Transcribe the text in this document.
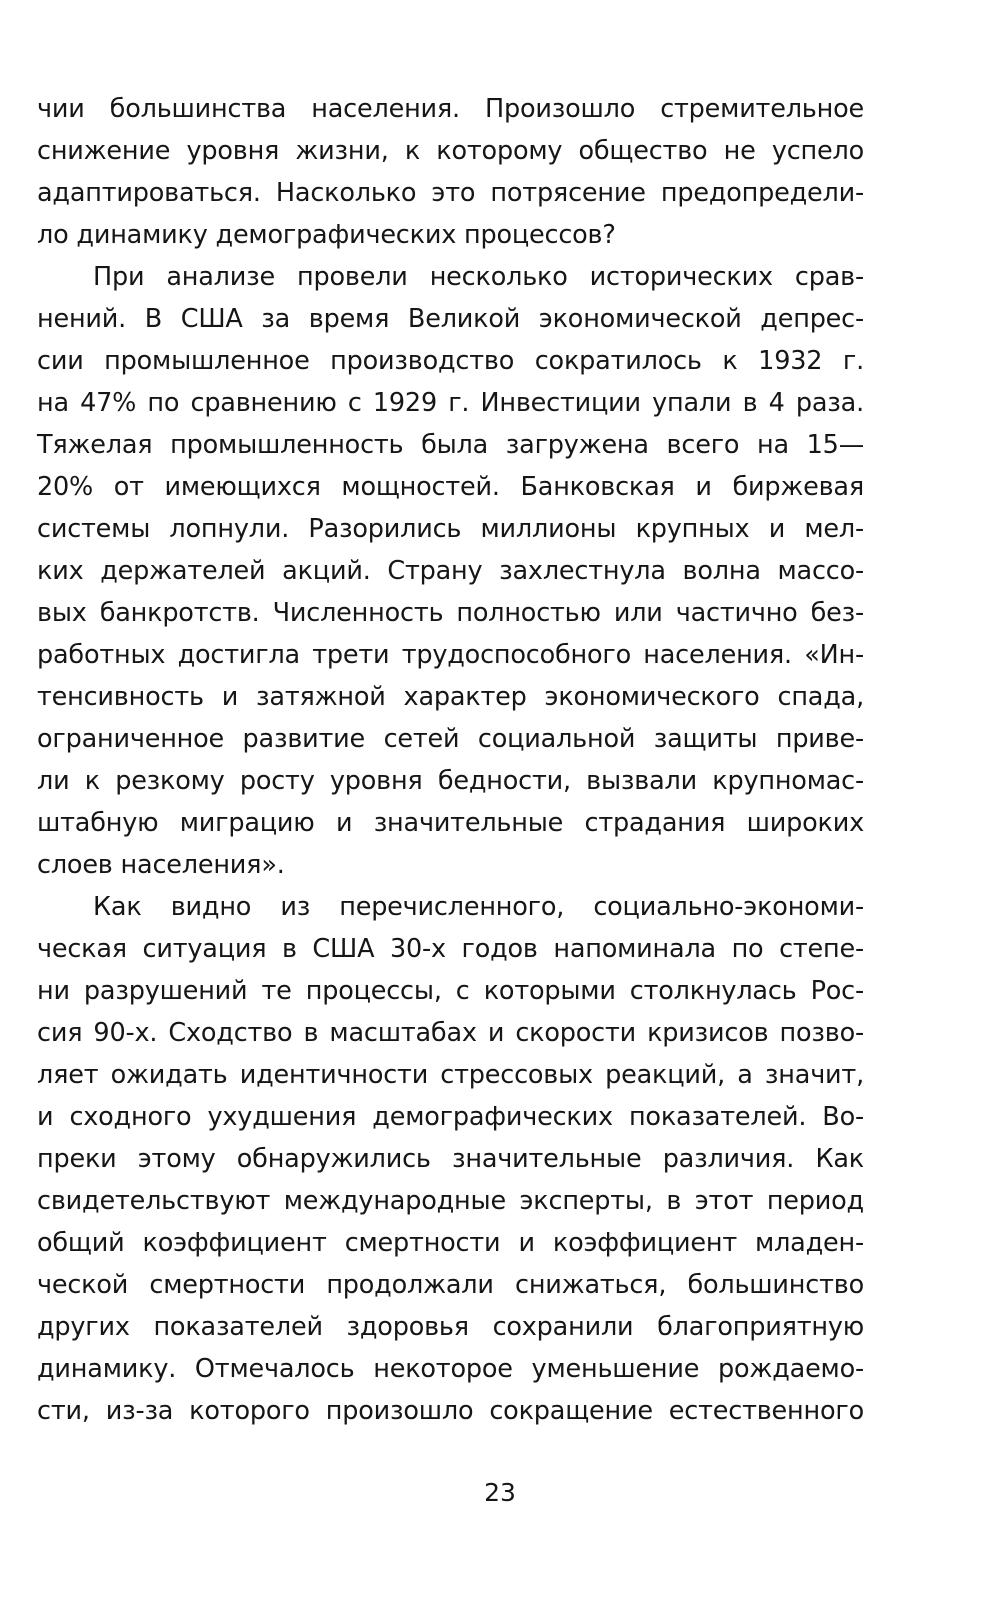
чии большинства населения. Произошло стремительное
снижение уровня жизни, к которому общество не успело
адаптироваться. Насколько это потрясение предопредели-
ло динамику демографических процессов?
При анализе провели несколько исторических срав-
нений. В США за время Великой экономической депрес-
сии промышленное производство сократилось к 1932 г.
на 47% по сравнению с 1929 г. Инвестиции упали в 4 раза.
Тяжелая промышленность была загружена всего на 15—
20% от имеющихся мощностей. Банковская и биржевая
системы лопнули. Разорились миллионы крупных и мел-
ких держателей акций. Страну захлестнула волна массо-
вых банкротств. Численность полностью или частично без-
работных достигла трети трудоспособного населения. «Ин-
тенсивность и затяжной характер экономического спада,
ограниченное развитие сетей социальной защиты приве-
ли к резкому росту уровня бедности, вызвали крупномас-
штабную миграцию и значительные страдания широких
слоев населения».
Как видно из перечисленного, социально-экономи-
ческая ситуация в США 30-х годов напоминала по степе-
ни разрушений те процессы, с которыми столкнулась Рос-
сия 90-х. Сходство в масштабах и скорости кризисов позво-
ляет ожидать идентичности стрессовых реакций, а значит,
и сходного ухудшения демографических показателей. Во-
преки этому обнаружились значительные различия. Как
свидетельствуют международные эксперты, в этот период
общий коэффициент смертности и коэффициент младен-
ческой смертности продолжали снижаться, большинство
других показателей здоровья сохранили благоприятную
динамику. Отмечалось некоторое уменьшение рождаемо-
сти, из-за которого произошло сокращение естественного
23
